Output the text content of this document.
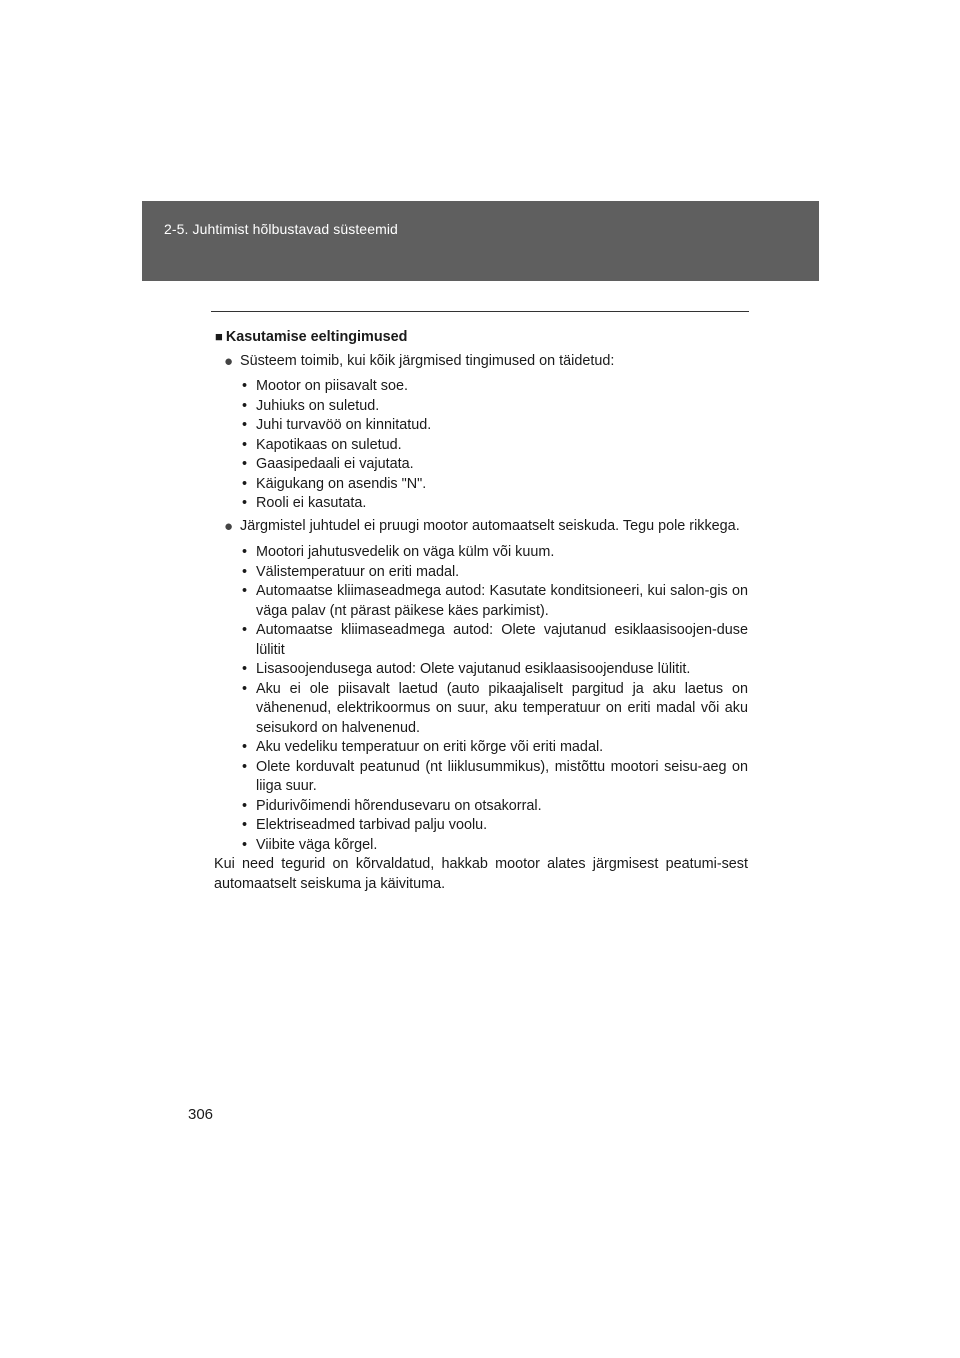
2-5. Juhtimist hõlbustavad süsteemid

■ Kasutamise eeltingimused

● Süsteem toimib, kui kõik järgmised tingimused on täidetud:
• Mootor on piisavalt soe.
• Juhiuks on suletud.
• Juhi turvavöö on kinnitatud.
• Kapotikaas on suletud.
• Gaasipedaali ei vajutata.
• Käigukang on asendis "N".
• Rooli ei kasutata.
● Järgmistel juhtudel ei pruugi mootor automaatselt seiskuda. Tegu pole rikkega.
• Mootori jahutusvedelik on väga külm või kuum.
• Välistemperatuur on eriti madal.
• Automaatse kliimaseadmega autod: Kasutate konditsioneeri, kui salon-gis on väga palav (nt pärast päikese käes parkimist).
• Automaatse kliimaseadmega autod: Olete vajutanud esiklaasisoojen-duse lülitit
• Lisasoojendusega autod: Olete vajutanud esiklaasisoojenduse lülitit.
• Aku ei ole piisavalt laetud (auto pikaajaliselt pargitud ja aku laetus on vähenenud, elektrikoormus on suur, aku temperatuur on eriti madal või aku seisukord on halvenenud.
• Aku vedeliku temperatuur on eriti kõrge või eriti madal.
• Olete korduvalt peatunud (nt liiklusummikus), mistõttu mootori seisu-aeg on liiga suur.
• Pidurivõimendi hõrendusevaru on otsakorral.
• Elektriseadmed tarbivad palju voolu.
• Viibite väga kõrgel.

Kui need tegurid on kõrvaldatud, hakkab mootor alates järgmisest peatumi-sest automaatselt seiskuma ja käivituma.

306
